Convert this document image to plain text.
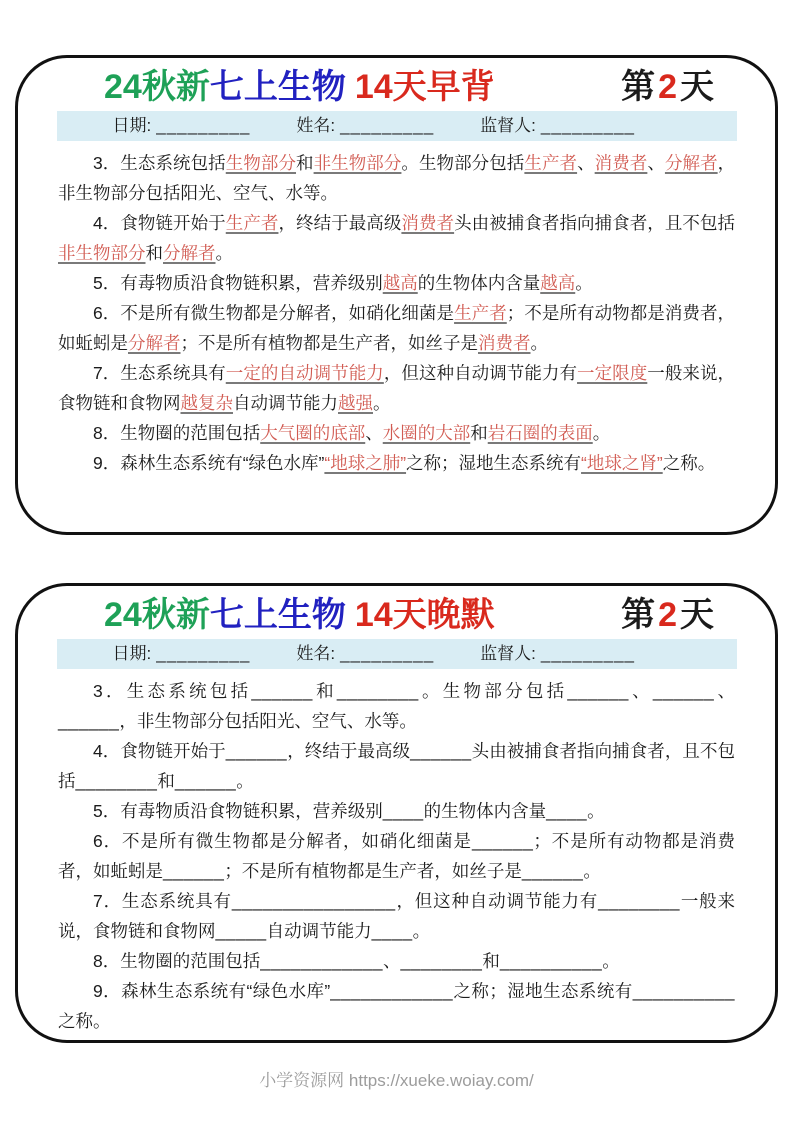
24秋新七上生物 14天早背	第2天
日期: _________	姓名: _________	监督人: _________

3．生态系统包括生物部分和非生物部分。生物部分包括生产者、消费者、分解者，非生物部分包括阳光、空气、水等。

4．食物链开始于生产者，终结于最高级消费者头由被捕食者指向捕食者，且不包括非生物部分和分解者。

5．有毒物质沿食物链积累，营养级别越高的生物体内含量越高。

6．不是所有微生物都是分解者，如硝化细菌是生产者；不是所有动物都是消费者，如蚯蚓是分解者；不是所有植物都是生产者，如丝子是消费者。

7．生态系统具有一定的自动调节能力，但这种自动调节能力有一定限度一般来说，食物链和食物网越复杂自动调节能力越强。

8．生物圈的范围包括大气圈的底部、水圈的大部和岩石圈的表面。

9．森林生态系统有“绿色水库”“地球之肺”之称；湿地生态系统有“地球之肾”之称。

24秋新七上生物 14天晚默	第2天
日期: _________	姓名: _________	监督人: _________

3．生态系统包括______和________。生物部分包括______、______、______，非生物部分包括阳光、空气、水等。

4．食物链开始于______，终结于最高级______头由被捕食者指向捕食者，且不包括________和______。

5．有毒物质沿食物链积累，营养级别____的生物体内含量____。

6．不是所有微生物都是分解者，如硝化细菌是______；不是所有动物都是消费者，如蚯蚓是______；不是所有植物都是生产者，如丝子是______。

7．生态系统具有________________，但这种自动调节能力有________一般来说，食物链和食物网_____自动调节能力____。

8．生物圈的范围包括____________、________和__________。

9．森林生态系统有“绿色水库”____________之称；湿地生态系统有__________之称。

小学资源网 https://xueke.woiay.com/
